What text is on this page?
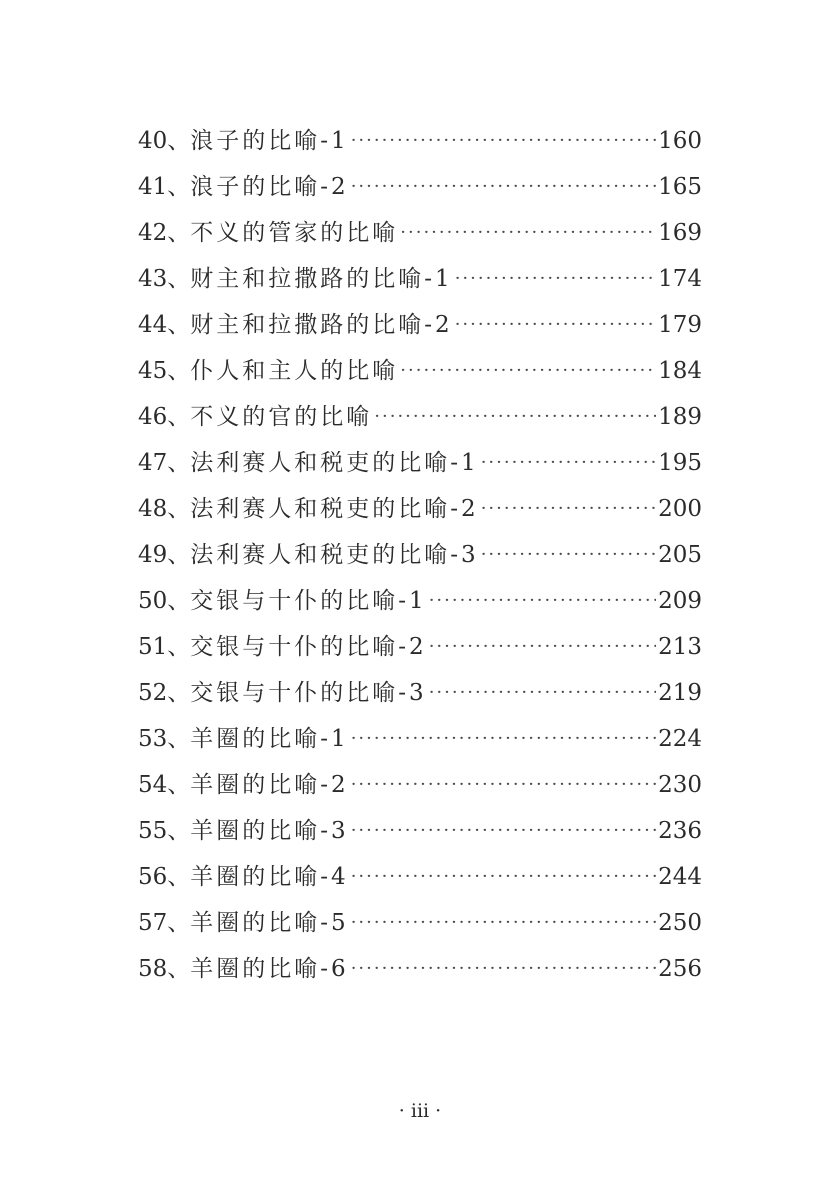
40 、 浪子的比喻-1 ·····	160
41 、 浪子的比喻-2 ·····	165
42 、 不义的管家的比喻 ·····	169
43 、 财主和拉撒路的比喻-1 ·····	174
44 、 财主和拉撒路的比喻-2 ·····	179
45 、 仆人和主人的比喻 ·····	184
46 、 不义的官的比喻 ·····	189
47 、 法利赛人和税吏的比喻-1 ·····	195
48 、 法利赛人和税吏的比喻-2 ·····	200
49 、 法利赛人和税吏的比喻-3 ·····	205
50 、 交银与十仆的比喻-1 ·····	209
51 、 交银与十仆的比喻-2 ·····	213
52 、 交银与十仆的比喻-3 ·····	219
53 、 羊圈的比喻-1 ·····	224
54 、 羊圈的比喻-2 ·····	230
55 、 羊圈的比喻-3 ·····	236
56 、 羊圈的比喻-4 ·····	244
57 、 羊圈的比喻-5 ·····	250
58 、 羊圈的比喻-6 ·····	256
· iii ·
